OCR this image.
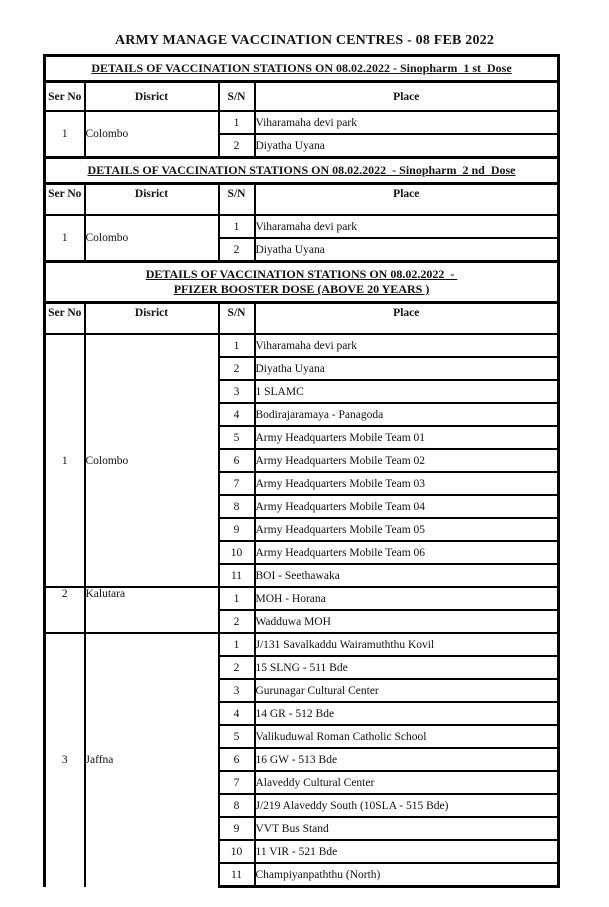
ARMY MANAGE VACCINATION CENTRES - 08 FEB 2022
DETAILS OF VACCINATION STATIONS ON 08.02.2022 - Sinopharm  1 st  Dose			
Ser No	Disrict	S/N	Place
1	Colombo	1	Viharamaha devi park
		2	Diyatha Uyana
DETAILS OF VACCINATION STATIONS ON 08.02.2022  - Sinopharm  2 nd  Dose			
Ser No	Disrict	S/N	Place
1	Colombo	1	Viharamaha devi park
		2	Diyatha Uyana
DETAILS OF VACCINATION STATIONS ON 08.02.2022  -
PFIZER BOOSTER DOSE (ABOVE 20 YEARS )			

Ser No	Disrict	S/N	Place
1	Colombo	1	Viharamaha devi park
		2	Diyatha Uyana
		3	1 SLAMC
		4	Bodirajaramaya - Panagoda
		5	Army Headquarters Mobile Team 01
		6	Army Headquarters Mobile Team 02
		7	Army Headquarters Mobile Team 03
		8	Army Headquarters Mobile Team 04
		9	Army Headquarters Mobile Team 05
		10	Army Headquarters Mobile Team 06
		11	BOI - Seethawaka
2	Kalutara	1	MOH - Horana
		2	Wadduwa MOH
3	Jaffna	1	J/131 Savalkaddu Wairamuththu Kovil
		2	15 SLNG - 511 Bde
		3	Gurunagar Cultural Center
		4	14 GR - 512 Bde
		5	Valikuduwal Roman Catholic School
		6	16 GW - 513 Bde
		7	Alaveddy Cultural Center
		8	J/219 Alaveddy South (10SLA - 515 Bde)
		9	VVT Bus Stand
		10	11 VIR - 521 Bde
		11	Champiyanpaththu (North)
